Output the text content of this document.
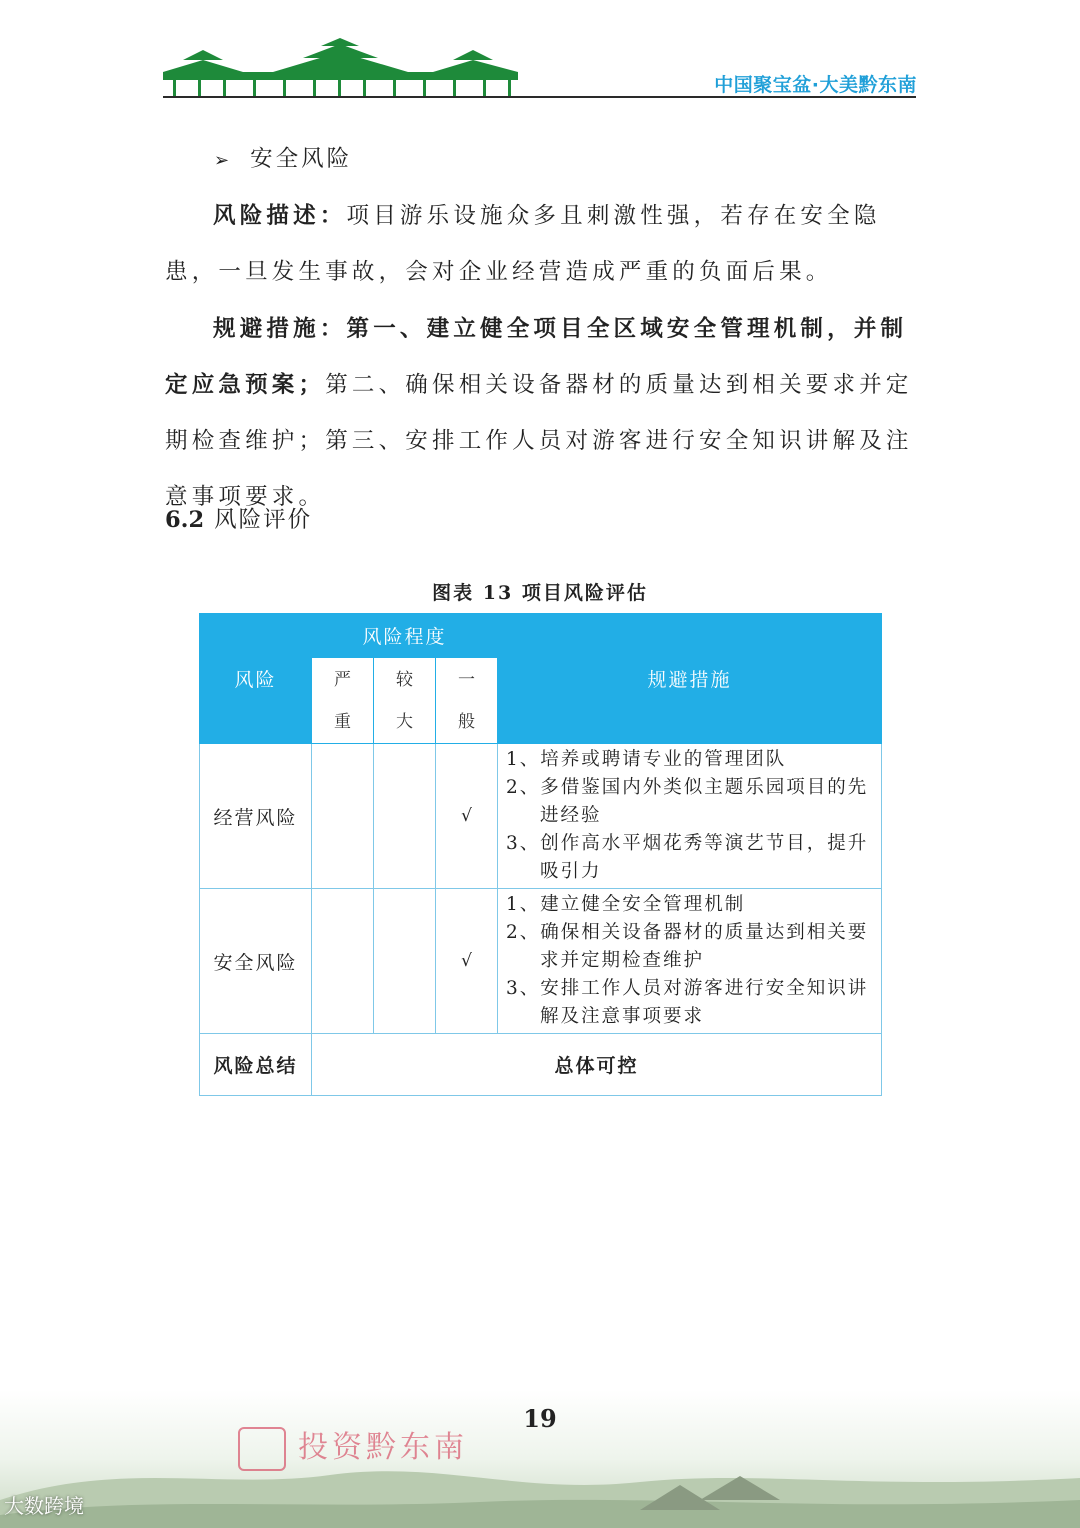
中国聚宝盆·大美黔东南
➢ 安全风险

风险描述：项目游乐设施众多且刺激性强，若存在安全隐患，一旦发生事故，会对企业经营造成严重的负面后果。

规避措施：第一、建立健全项目全区域安全管理机制，并制定应急预案；第二、确保相关设备器材的质量达到相关要求并定期检查维护；第三、安排工作人员对游客进行安全知识讲解及注意事项要求。

6.2 风险评价
图表 13 项目风险评估
风险	风险程度			规避措施
	严重	较大	一般	
经营风险			√	1、培养或聘请专业的管理团队
2、多借鉴国内外类似主题乐园项目的先进经验
3、创作高水平烟花秀等演艺节目，提升吸引力

安全风险			√	1、建立健全安全管理机制
2、确保相关设备器材的质量达到相关要求并定期检查维护
3、安排工作人员对游客进行安全知识讲解及注意事项要求

风险总结	总体可控			
投资黔东南
19
大数跨境
